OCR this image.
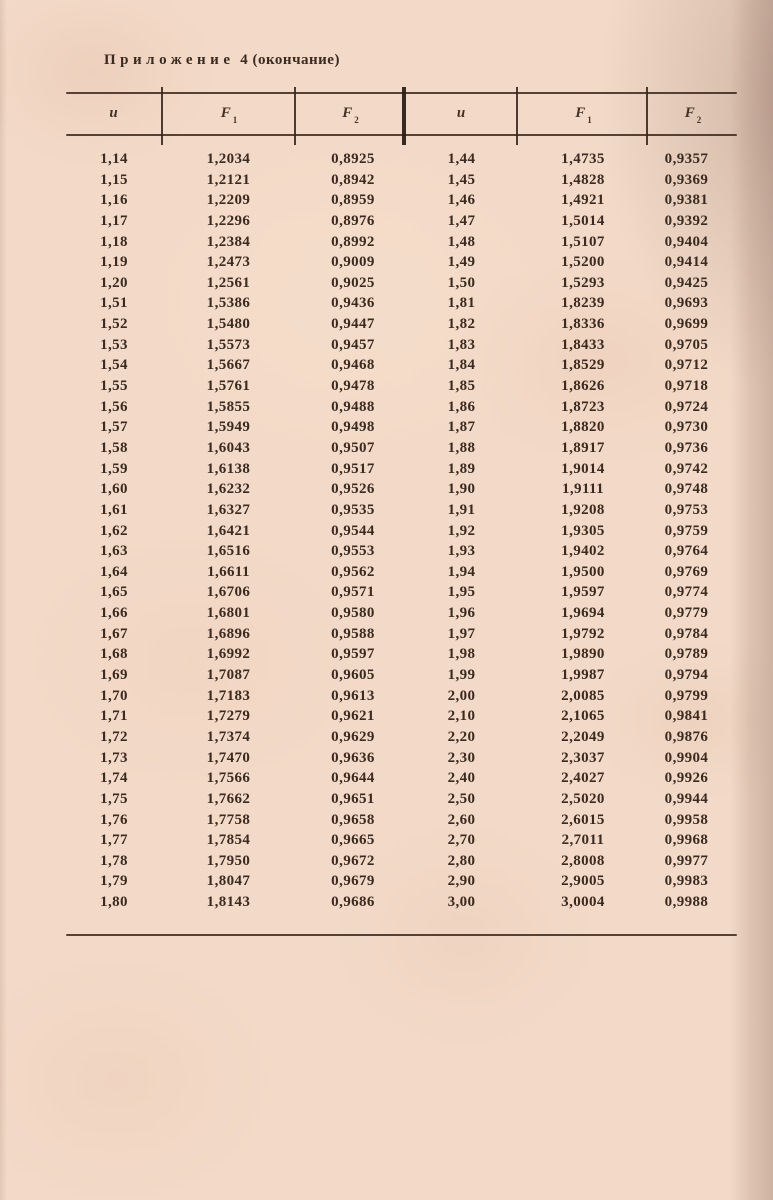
Приложение 4 (окончание)
u	$F_1$	$F_2$	u	$F_1$	$F_2$
1,14	1,2034	0,8925	1,44	1,4735	0,9357
1,15	1,2121	0,8942	1,45	1,4828	0,9369
1,16	1,2209	0,8959	1,46	1,4921	0,9381
1,17	1,2296	0,8976	1,47	1,5014	0,9392
1,18	1,2384	0,8992	1,48	1,5107	0,9404
1,19	1,2473	0,9009	1,49	1,5200	0,9414
1,20	1,2561	0,9025	1,50	1,5293	0,9425
1,51	1,5386	0,9436	1,81	1,8239	0,9693
1,52	1,5480	0,9447	1,82	1,8336	0,9699
1,53	1,5573	0,9457	1,83	1,8433	0,9705
1,54	1,5667	0,9468	1,84	1,8529	0,9712
1,55	1,5761	0,9478	1,85	1,8626	0,9718
1,56	1,5855	0,9488	1,86	1,8723	0,9724
1,57	1,5949	0,9498	1,87	1,8820	0,9730
1,58	1,6043	0,9507	1,88	1,8917	0,9736
1,59	1,6138	0,9517	1,89	1,9014	0,9742
1,60	1,6232	0,9526	1,90	1,9111	0,9748
1,61	1,6327	0,9535	1,91	1,9208	0,9753
1,62	1,6421	0,9544	1,92	1,9305	0,9759
1,63	1,6516	0,9553	1,93	1,9402	0,9764
1,64	1,6611	0,9562	1,94	1,9500	0,9769
1,65	1,6706	0,9571	1,95	1,9597	0,9774
1,66	1,6801	0,9580	1,96	1,9694	0,9779
1,67	1,6896	0,9588	1,97	1,9792	0,9784
1,68	1,6992	0,9597	1,98	1,9890	0,9789
1,69	1,7087	0,9605	1,99	1,9987	0,9794
1,70	1,7183	0,9613	2,00	2,0085	0,9799
1,71	1,7279	0,9621	2,10	2,1065	0,9841
1,72	1,7374	0,9629	2,20	2,2049	0,9876
1,73	1,7470	0,9636	2,30	2,3037	0,9904
1,74	1,7566	0,9644	2,40	2,4027	0,9926
1,75	1,7662	0,9651	2,50	2,5020	0,9944
1,76	1,7758	0,9658	2,60	2,6015	0,9958
1,77	1,7854	0,9665	2,70	2,7011	0,9968
1,78	1,7950	0,9672	2,80	2,8008	0,9977
1,79	1,8047	0,9679	2,90	2,9005	0,9983
1,80	1,8143	0,9686	3,00	3,0004	0,9988
